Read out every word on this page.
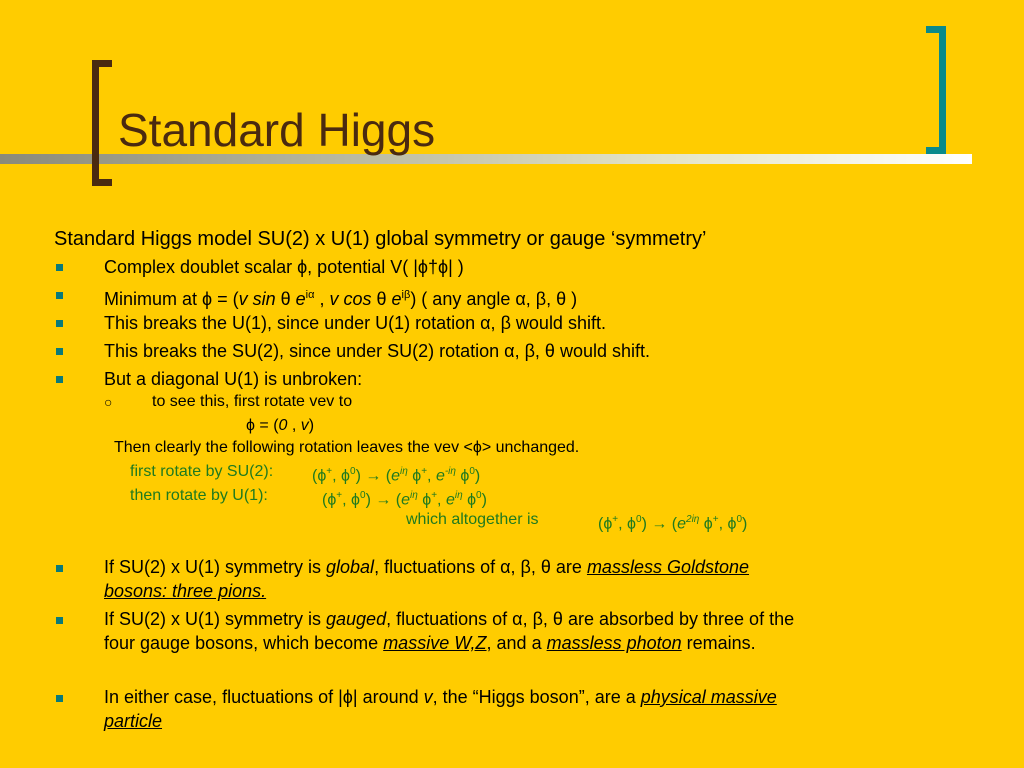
Standard Higgs
Standard Higgs model SU(2) x U(1) global symmetry or gauge ‘symmetry’
Complex doublet scalar ϕ, potential V( |ϕ†ϕ| )
Minimum at ϕ = (v sin θ $e^{i\alpha}$ , v cos θ $e^{i\beta}$) ( any angle α, β, θ )
This breaks the U(1), since under U(1) rotation α, β would shift.
This breaks the SU(2), since under SU(2) rotation α, β, θ would shift.
But a diagonal U(1) is unbroken:
○ to see this, first rotate vev to
ϕ = (0 , v)
Then clearly the following rotation leaves the vev <ϕ> unchanged.
first rotate by SU(2): (ϕ+, $\phi^0) \to (e^{i\eta}$ ϕ+, $e^{-i\eta}$ $\phi^0$)
then rotate by U(1):	(ϕ+, $\phi^0) \to (e^{i\eta}$ ϕ+, $e^{i\eta}$ $\phi^0$)
which altogether is	(ϕ+, $\phi^0) \to (e^{2i\eta}$ ϕ+, $\phi^0$)
If SU(2) x U(1) symmetry is global, fluctuations of α, β, θ are massless Goldstone
bosons: three pions.
If SU(2) x U(1) symmetry is gauged, fluctuations of α, β, θ are absorbed by three of the
four gauge bosons, which become massive W,Z, and a massless photon remains.
In either case, fluctuations of |ϕ| around v, the “Higgs boson”, are a physical massive
particle
